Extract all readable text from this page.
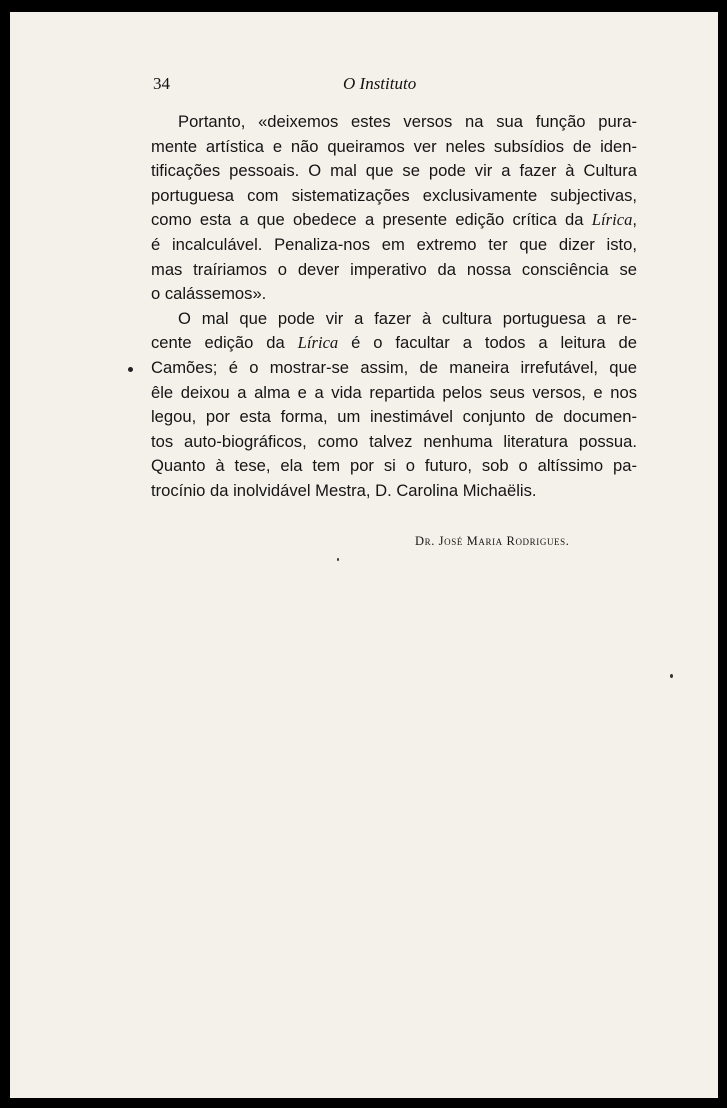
34	O Instituto

Portanto, «deixemos estes versos na sua função pura-
mente artística e não queiramos ver neles subsídios de iden-
tificações pessoais. O mal que se pode vir a fazer à Cultura
portuguesa com sistematizações exclusivamente subjectivas,
como esta a que obedece a presente edição crítica da Lírica,
é incalculável. Penaliza-nos em extremo ter que dizer isto,
mas traíriamos o dever imperativo da nossa consciência se
o calássemos».

O mal que pode vir a fazer à cultura portuguesa a re-
cente edição da Lírica é o facultar a todos a leitura de
Camões; é o mostrar-se assim, de maneira irrefutável, que
êle deixou a alma e a vida repartida pelos seus versos, e nos
legou, por esta forma, um inestimável conjunto de documen-
tos auto-biográficos, como talvez nenhuma literatura possua.
Quanto à tese, ela tem por si o futuro, sob o altíssimo pa-
trocínio da inolvidável Mestra, D. Carolina Michaëlis.

Dr. José Maria Rodrigues.
